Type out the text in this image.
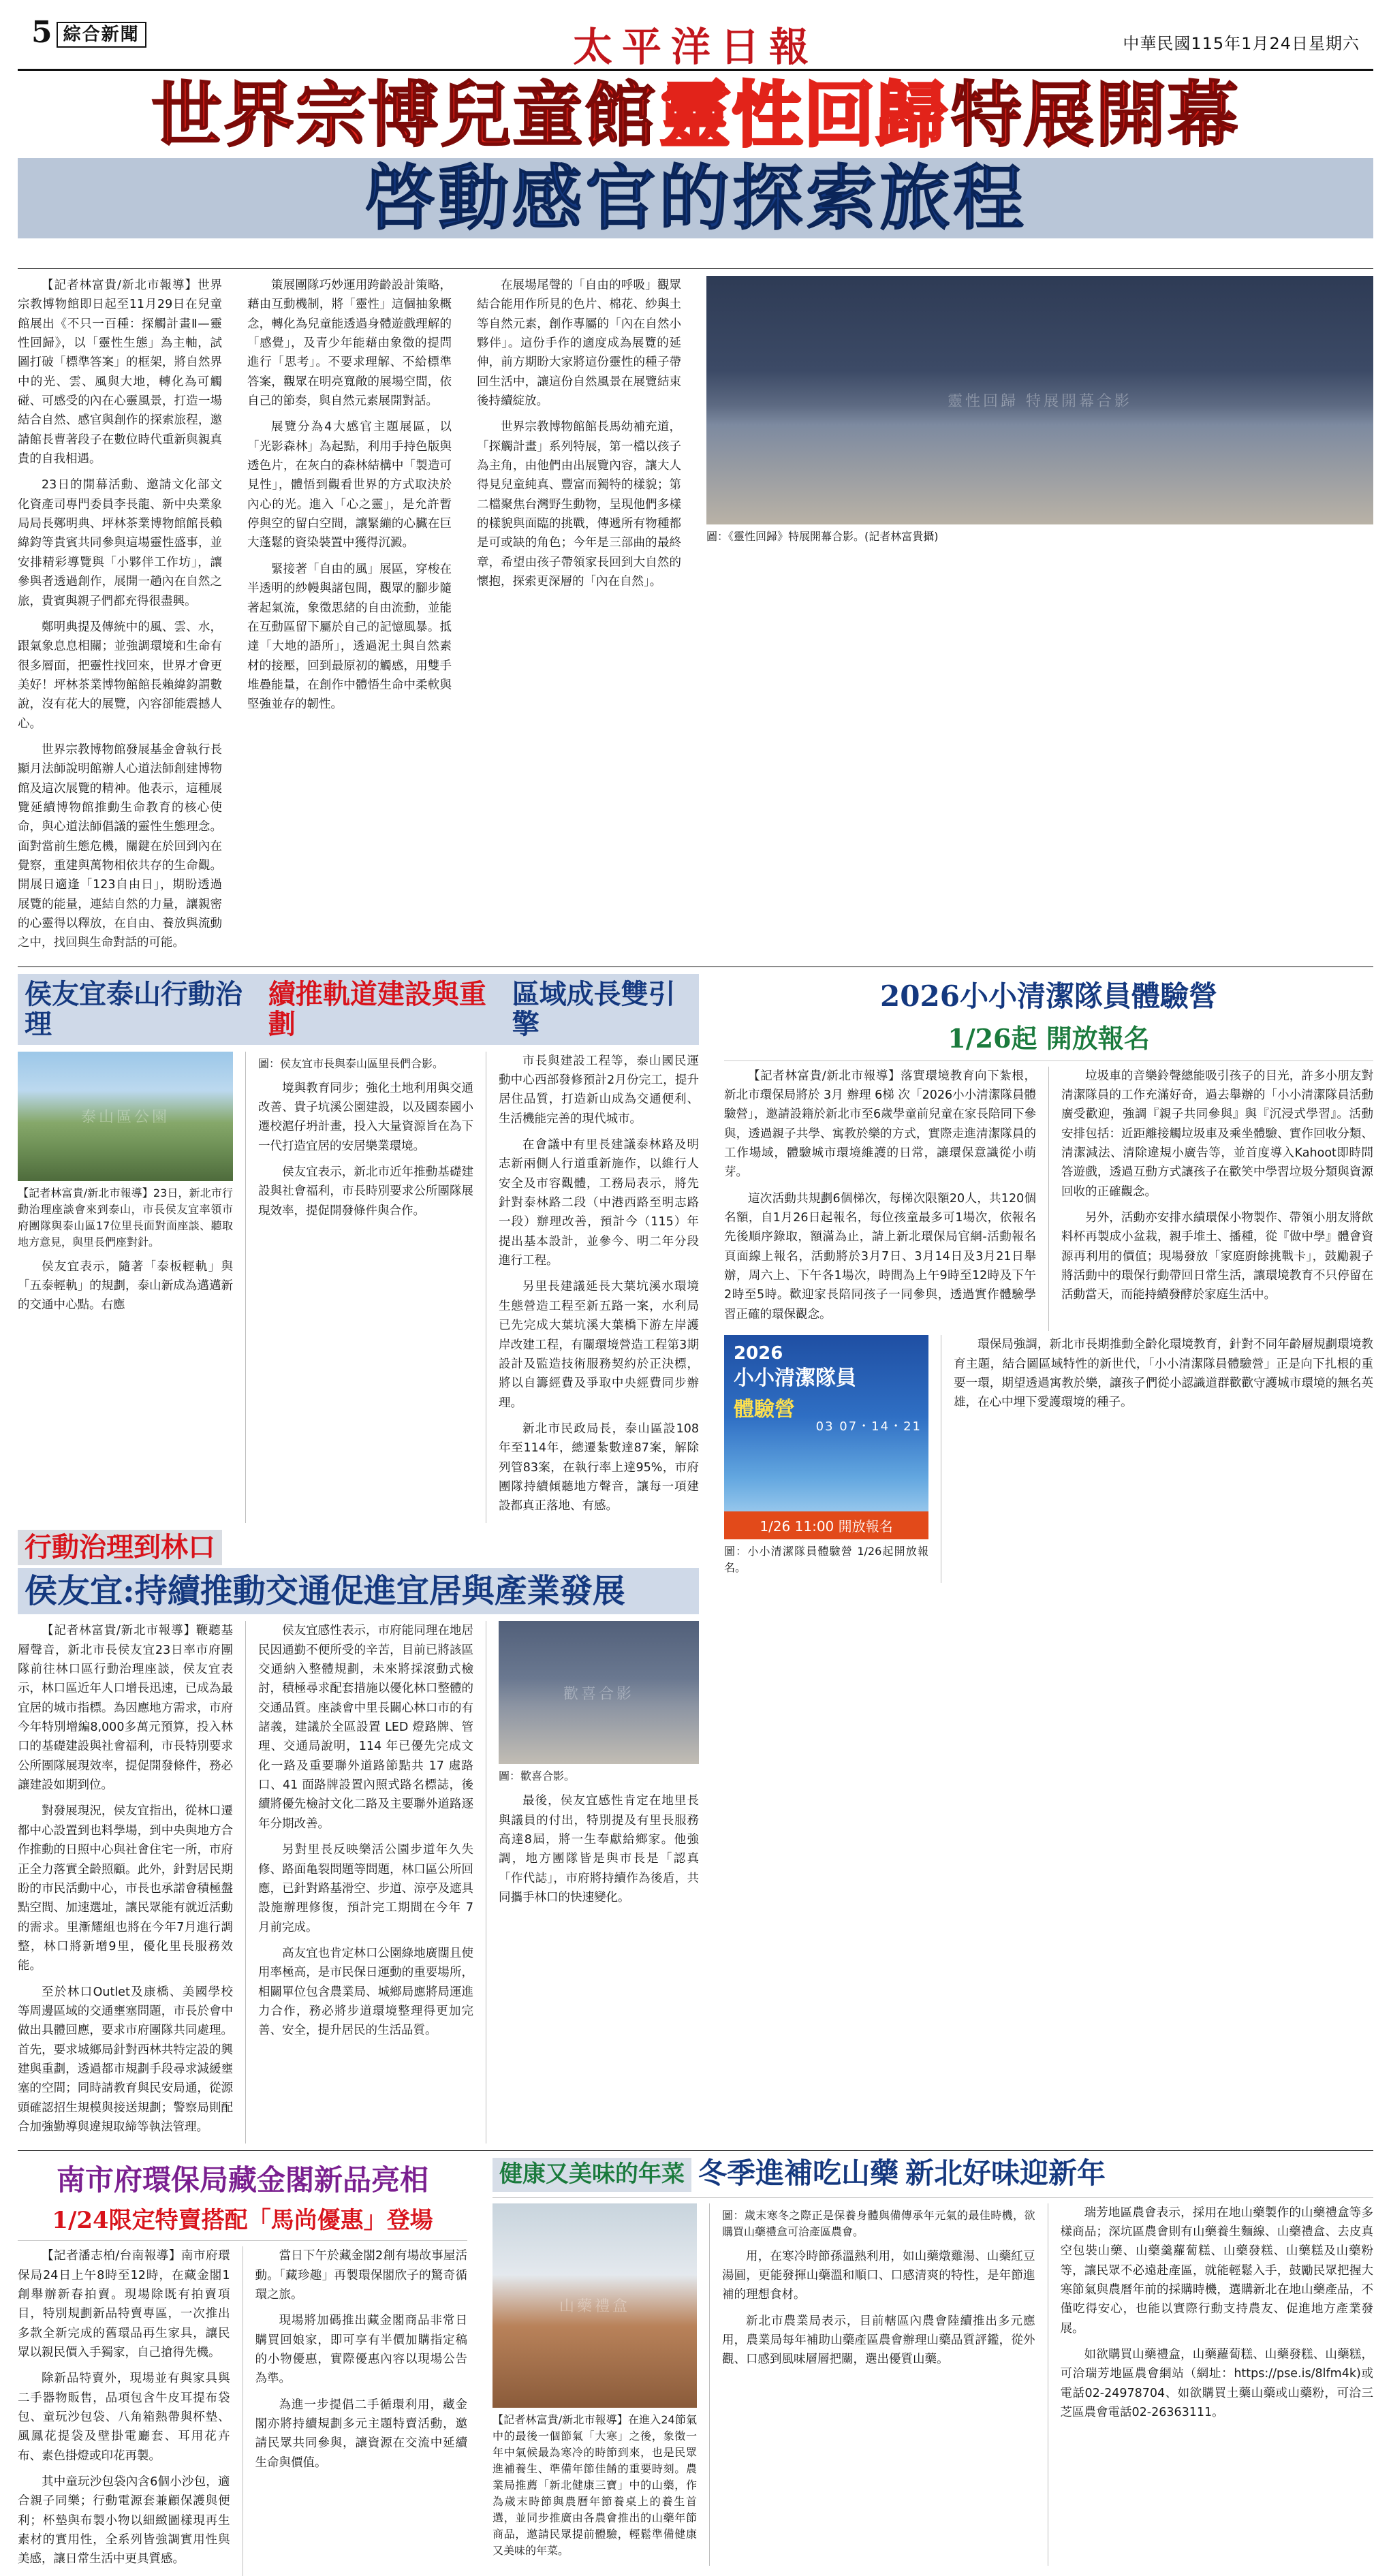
5 綜合新聞	太平洋日報	中華民國115年1月24日星期六
世界宗博兒童館 靈性回歸 特展開幕
啓動感官的探索旅程

【記者林富貴/新北市報導】世界宗教博物館即日起至11月29日在兒童館展出《不只一百種：探觸計畫Ⅱ—靈性回歸》，以「靈性生態」為主軸，試圖打破「標準答案」的框架，將自然界中的光、雲、風與大地，轉化為可觸碰、可感受的內在心靈風景，打造一場結合自然、感官與創作的探索旅程，邀請館長曹著段子在數位時代重新與親真貴的自我相遇。

23日的開幕活動、邀請文化部文化資產司專門委員李長龍、新中央業象局局長鄭明典、坪林茶業博物館館長賴緯鈞等貴賓共同參與這場靈性盛事，並安排精彩導覽與「小夥伴工作坊」，讓參與者透過創作，展開一趟內在自然之旅，貴賓與親子們都充得很盡興。

鄭明典提及傳統中的風、雲、水，跟氣象息息相關；並強調環境和生命有很多層面，把靈性找回來，世界才會更美好！坪林茶業博物館館長賴緯鈞謂數說，沒有花大的展覽，內容卻能震撼人心。

世界宗教博物館發展基金會執行長顯月法師說明館辦人心道法師創建博物館及這次展覽的精神。他表示，這種展覽延續博物館推動生命教育的核心使命，與心道法師倡議的靈性生態理念。面對當前生態危機，關鍵在於回到內在覺察，重建與萬物相依共存的生命觀。開展日適逢「123自由日」，期盼透過展覽的能量，連結自然的力量，讓親密的心靈得以釋放，在自由、養放與流動之中，找回與生命對話的可能。

策展團隊巧妙運用跨齡設計策略，藉由互動機制，將「靈性」這個抽象概念，轉化為兒童能透過身體遊戲理解的「感覺」，及青少年能藉由象徵的提問進行「思考」。不要求理解、不給標準答案，觀眾在明亮寬敞的展場空間，依自己的節奏，與自然元素展開對話。

展覽分為4大感官主題展區，以「光影森林」為起點，利用手持色版與透色片，在灰白的森林結構中「製造可見性」，體悟到觀看世界的方式取決於內心的光。進入「心之靈」，是允許暫停與空的留白空間，讓緊繃的心臟在巨大蓬鬆的資染裝置中獲得沉澱。

緊接著「自由的風」展區，穿梭在半透明的紗幔與諸包間，觀眾的腳步隨著起氣流，象徵思緒的自由流動，並能在互動區留下屬於自己的記憶風暴。抵達「大地的語所」，透過泥土與自然素材的接壓，回到最原初的觸感，用雙手堆疊能量，在創作中體悟生命中柔軟與堅強並存的韌性。

在展場尾聲的「自由的呼吸」觀眾結合能用作所見的色片、棉花、紗與土等自然元素，創作專屬的「內在自然小夥伴」。這份手作的適度成為展覽的延伸，前方期盼大家將這份靈性的種子帶回生活中，讓這份自然風景在展覽結束後持續綻放。

世界宗教博物館館長馬幼補充道，「探觸計畫」系列特展，第一檔以孩子為主角，由他們由出展覽內容，讓大人得見兒童純真、豐富而獨特的樣貌；第二檔聚焦台灣野生動物，呈現他們多樣的樣貌與面臨的挑戰，傳遞所有物種都是可或缺的角色；今年是三部曲的最終章，希望由孩子帶領家長回到大自然的懷抱，探索更深層的「內在自然」。

靈性回歸 特展開幕合影
圖：《靈性回歸》特展開幕合影。(記者林富貴攝)
侯友宜泰山行動治理
續推軌道建設與重劃
區域成長雙引擎
泰山區公園
【記者林富貴/新北市報導】23日，新北市行動治理座談會來到泰山，市長侯友宜率領市府團隊與泰山區17位里長面對面座談、聽取地方意見，與里長們座對針。

侯友宜表示，隨著「泰板輕軌」與「五泰輕軌」的規劃，泰山新成為邁邁新的交通中心點。右應

圖：侯友宜市長與泰山區里長們合影。

境與教育同步；強化土地利用與交通改善、貴子坑溪公園建設，以及國泰國小遷校滬仔坍計畫，投入大量資源旨在為下一代打造宜居的安居樂業環境。

侯友宜表示，新北市近年推動基礎建設與社會福利，市長時別要求公所團隊展現效率，提促開發條件與合作。

市長與建設工程等，泰山國民運動中心西部發修預計2月份完工，提升居住品質，打造新山成為交通便利、生活機能完善的現代城市。

在會議中有里長建議泰林路及明志新兩側人行道重新施作，以維行人安全及市容觀體，工務局表示，將先針對泰林路二段（中港西路至明志路一段）辦理改善，預計今（115）年提出基本設計，並參今、明二年分段進行工程。

另里長建議延長大葉坑溪水環境生態營造工程至新五路一案，水利局已先完成大葉坑溪大葉橋下游左岸護岸改建工程，有關環境營造工程第3期設計及監造技術服務契約於正決標，將以自籌經費及爭取中央經費同步辦理。

新北市民政局長，泰山區設108年至114年，總遷紮數達87案，解除列管83案，在執行率上達95%，市府團隊持續傾聽地方聲音，讓每一項建設都真正落地、有感。

行動治理到林口
侯友宜:持續推動交通促進宜居與產業發展

【記者林富貴/新北市報導】鞭聽基層聲音，新北市長侯友宜23日率市府團隊前往林口區行動治理座談，侯友宜表示，林口區近年人口增長迅速，已成為最宜居的城市指標。為因應地方需求，市府今年特別增編8,000多萬元預算，投入林口的基礎建設與社會福利，市長特別要求公所團隊展現效率，提促開發條件，務必讓建設如期到位。

對發展現況，侯友宜指出，從林口遷都中心設置到也料學場，到中央與地方合作推動的日照中心與社會住宅一所，市府正全力落實全齡照顧。此外，針對居民期盼的市民活動中心，市長也承諾會積極盤點空間、加速選址，讓民眾能有就近活動的需求。里漸耀組也將在今年7月進行調整，林口將新增9里，優化里長服務效能。

至於林口Outlet及康橋、美國學校等周邊區域的交通壅塞問題，市長於會中做出具體回應，要求市府團隊共同處理。首先，要求城鄉局針對西林共特定設的興建與重劃，透過都市規劃手段尋求減緩壅塞的空間；同時請教育與民安局通，從源頭確認招生規模與接送規劃；警察局則配合加強勤導與違規取締等執法管理。

侯友宜感性表示，市府能同理在地居民因通勤不便所受的辛苦，目前已將該區交通納入整體規劃，未來將採滾動式檢討，積極尋求配套措施以優化林口整體的交通品質。座談會中里長關心林口市的有諸義，建議於全區設置 LED 燈路牌、管理、交通局說明，114 年已優先完成文化一路及重要聯外道路節點共 17 處路口、41 面路牌設置內照式路名標誌，後續將優先檢討文化二路及主要聯外道路逐年分期改善。

另對里長反映樂活公園步道年久失修、路面亀裂問題等問題，林口區公所回應，已針對路基滑空、步道、涼亭及遮具設施辦理修復，預計完工期間在今年 7 月前完成。

高友宜也肯定林口公園綠地廣闊且使用率極高，是市民保日運動的重要場所，相關單位包含農業局、城鄉局應將局運進力合作，務必將步道環境整理得更加完善、安全，提升居民的生活品質。

歡喜合影
圖：歡喜合影。

最後，侯友宜感性肯定在地里長與議員的付出，特別提及有里長服務高達8屆，將一生奉獻給鄉家。他強調，地方團隊皆是與市長是「認真「作代誌」，市府將持續作為後盾，共同攜手林口的快速變化。

2026小小清潔隊員體驗營
1/26起 開放報名

【記者林富貴/新北市報導】落實環境教育向下紮根，新北市環保局將於 3月 辦理 6梯 次「2026小小清潔隊員體驗營」，邀請設籍於新北市至6歲學童前兒童在家長陪同下參與，透過親子共學、寓教於樂的方式，實際走進清潔隊員的工作場域，體驗城市環境維護的日常，讓環保意識從小萌芽。

這次活動共規劃6個梯次，每梯次限額20人，共120個名額，自1月26日起報名，每位孩童最多可1場次，依報名先後順序錄取，額滿為止，請上新北環保局官網-活動報名頁面線上報名，活動將於3月7日、3月14日及3月21日舉辦，周六上、下午各1場次，時間為上午9時至12時及下午2時至5時。歡迎家長陪同孩子一同參與，透過實作體驗學習正確的環保觀念。

垃圾車的音樂鈴聲總能吸引孩子的目光，許多小朋友對清潔隊員的工作充滿好奇，過去舉辦的「小小清潔隊員活動廣受歡迎，強調『親子共同參與』與『沉浸式學習』。活動安排包括：近距離接觸垃圾車及乘坐體驗、實作回收分類、清潔減法、清除違規小廣告等，並首度導入Kahoot即時問答遊戲，透過互動方式讓孩子在歡笑中學習垃圾分類與資源回收的正確觀念。

另外，活動亦安排水績環保小物製作、帶領小朋友將飲料杯再製成小盆栽，親手堆土、播種，從『做中學』體會資源再利用的價值；現場發放「家庭廚餘挑戰卡」，鼓勵親子將活動中的環保行動帶回日常生活，讓環境教育不只停留在活動當天，而能持續發酵於家庭生活中。

2026
小小清潔隊員
體驗營
03 07・14・21
1/26 11:00 開放報名
圖：小小清潔隊員體驗營 1/26起開放報名。

環保局強調，新北市長期推動全齡化環境教育，針對不同年齡層規劃環境教育主題，結合圖區域特性的新世代，「小小清潔隊員體驗營」正是向下扎根的重要一環，期望透過寓教於樂，讓孩子們從小認識道群歡歡守護城市環境的無名英雄，在心中埋下愛護環境的種子。

南市府環保局藏金閣新品亮相
1/24限定特賣搭配「馬尚優惠」登場

【記者潘志柏/台南報導】南市府環保局24日上午8時至12時，在藏金閣1創舉辦新春拍賣。現場除既有拍賣項目，特別規劃新品特賣專區，一次推出多款全新完成的舊環品再生家具，讓民眾以親民價入手獨家，自己搶得先機。

除新品特賣外，現場並有與家具與二手器物販售，品項包含牛皮耳提布袋包、童玩沙包袋、八角箱熱帶與杯墊、風鳳花提袋及壁掛電廳套、耳用花卉布、素色掛燈或印花再製。

其中童玩沙包袋內含6個小沙包，適合親子同樂；行動電源套兼顧保護與便利；杯墊與布製小物以細緻圖樣現再生素材的實用性，全系列皆強調實用性與美感，讓日常生活中更具質感。

當日下午於藏金閣2創有場故事屋活動。「藏珍趣」再製環保閣欣子的驚奇循環之旅。

現場將加碼推出藏金閣商品非常日購買回娘家，即可享有半價加購指定稿的小物優惠，實際優惠內容以現場公告為準。

為進一步提倡二手循環利用，藏金閣亦將持續規劃多元主題特賣活動，邀請民眾共同參與，讓資源在交流中延續生命與價值。

健康又美味的年菜 冬季進補吃山藥 新北好味迎新年
山藥禮盒
【記者林富貴/新北市報導】在進入24節氣中的最後一個節氣「大寒」之後，象徵一年中氣候最為寒冷的時節到來，也是民眾進補養生、準備年節佳餚的重要時刻。農業局推薦「新北健康三寶」中的山藥，作為歲末時節與農曆年節養桌上的養生首選，並同步推廣由各農會推出的山藥年節商品，邀請民眾提前體驗，輕鬆準備健康又美味的年菜。
圖：歲末寒冬之際正是保養身體與備傳承年元氣的最佳時機，欲購買山藥禮盒可洽產區農會。

用，在寒冷時節孫溫熱利用，如山藥燉雞湯、山藥紅豆湯圓，更能發揮山藥溫和順口、口感清爽的特性，是年節進補的理想食材。

新北市農業局表示，目前轄區內農會陸續推出多元應用，農業局每年補助山藥產區農會辦理山藥品質評鑑，從外觀、口感到風味層層把關，選出優質山藥。

瑞芳地區農會表示，採用在地山藥製作的山藥禮盒等多樣商品；深坑區農會則有山藥養生麵線、山藥禮盒、去皮真空包裝山藥、山藥羹蘿蔔糕、山藥發糕、山藥糕及山藥粉等，讓民眾不必遠赴產區，就能輕鬆入手，鼓勵民眾把握大寒節氣與農曆年前的採購時機，選購新北在地山藥產品，不僅吃得安心，也能以實際行動支持農友、促進地方產業發展。

如欲購買山藥禮盒，山藥蘿蔔糕、山藥發糕、山藥糕，可洽瑞芳地區農會網站（網址：https://pse.is/8lfm4k)或電話02-24978704、如欲購買土藥山藥或山藥粉，可洽三芝區農會電話02-26363111。
